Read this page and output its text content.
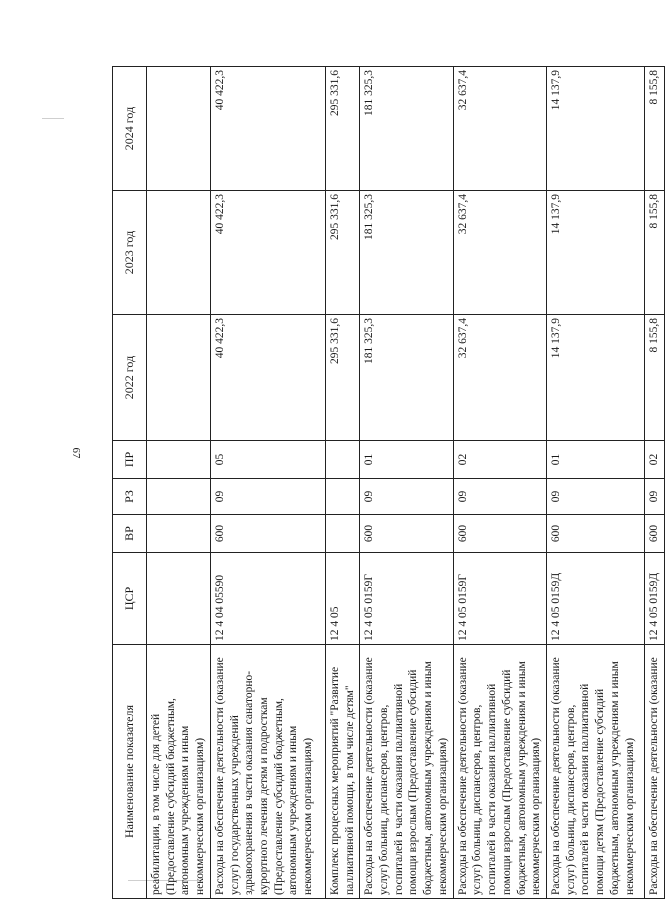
67
Наименование показателя	ЦСР	ВР	РЗ	ПР	2022 год	2023 год	2024 год
реабилитации, в том числе для детей (Предоставление субсидий бюджетным, автономным учреждениям и иным некоммерческим организациям)							
Расходы на обеспечение деятельности (оказание услуг) государственных учреждений здравоохранения в части оказания санаторно-курортного лечения детям и подросткам (Предоставление субсидий бюджетным, автономным учреждениям и иным некоммерческим организациям)	12 4 04 05590	600	09	05	40 422,3	40 422,3	40 422,3
Комплекс процессных мероприятий "Развитие паллиативной помощи, в том числе детям"	12 4 05				295 331,6	295 331,6	295 331,6
Расходы на обеспечение деятельности (оказание услуг) больниц, диспансеров, центров, госпиталей в части оказания паллиативной помощи взрослым (Предоставление субсидий бюджетным, автономным учреждениям и иным некоммерческим организациям)	12 4 05 0159Г	600	09	01	181 325,3	181 325,3	181 325,3
Расходы на обеспечение деятельности (оказание услуг) больниц, диспансеров, центров, госпиталей в части оказания паллиативной помощи взрослым (Предоставление субсидий бюджетным, автономным учреждениям и иным некоммерческим организациям)	12 4 05 0159Г	600	09	02	32 637,4	32 637,4	32 637,4
Расходы на обеспечение деятельности (оказание услуг) больниц, диспансеров, центров, госпиталей в части оказания паллиативной помощи детям (Предоставление субсидий бюджетным, автономным учреждениям и иным некоммерческим организациям)	12 4 05 0159Д	600	09	01	14 137,9	14 137,9	14 137,9
Расходы на обеспечение деятельности (оказание	12 4 05 0159Д	600	09	02	8 155,8	8 155,8	8 155,8
